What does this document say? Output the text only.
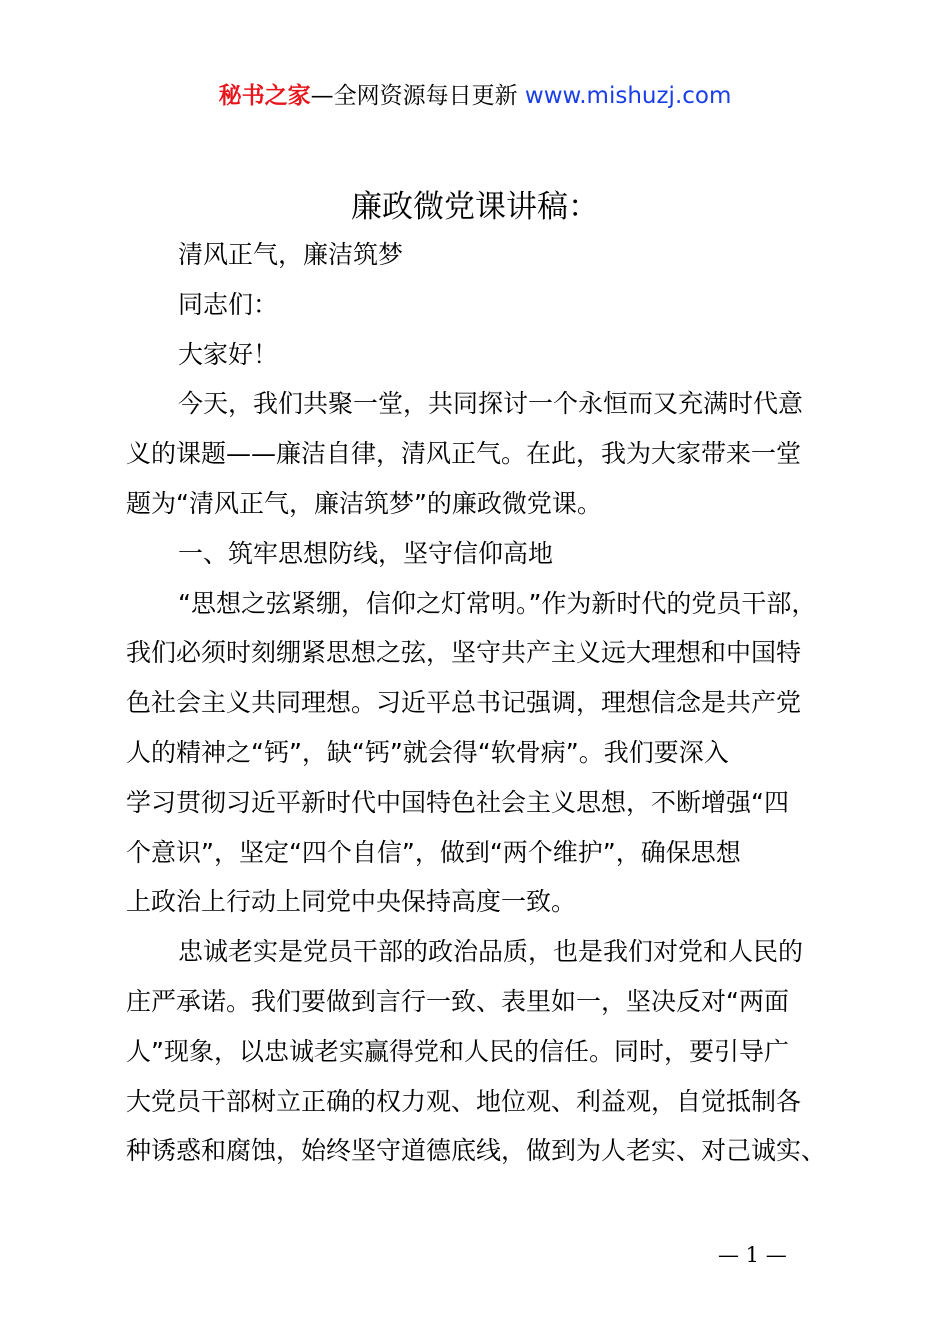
秘书之家—全网资源每日更新 www.mishuzj.com
廉政微党课讲稿：
清风正气，廉洁筑梦
同志们：
大家好！
今天，我们共聚一堂，共同探讨一个永恒而又充满时代意
义的课题——廉洁自律，清风正气。在此，我为大家带来一堂
题为“清风正气，廉洁筑梦”的廉政微党课。
一、筑牢思想防线，坚守信仰高地
“思想之弦紧绷，信仰之灯常明。”作为新时代的党员干部，
我们必须时刻绷紧思想之弦，坚守共产主义远大理想和中国特
色社会主义共同理想。习近平总书记强调，理想信念是共产党
人的精神之“钙”，缺“钙”就会得“软骨病”。我们要深入
学习贯彻习近平新时代中国特色社会主义思想，不断增强“四
个意识”，坚定“四个自信”，做到“两个维护”，确保思想
上政治上行动上同党中央保持高度一致。
忠诚老实是党员干部的政治品质，也是我们对党和人民的
庄严承诺。我们要做到言行一致、表里如一，坚决反对“两面
人”现象，以忠诚老实赢得党和人民的信任。同时，要引导广
大党员干部树立正确的权力观、地位观、利益观，自觉抵制各
种诱惑和腐蚀，始终坚守道德底线，做到为人老实、对己诚实、
— 1 —
